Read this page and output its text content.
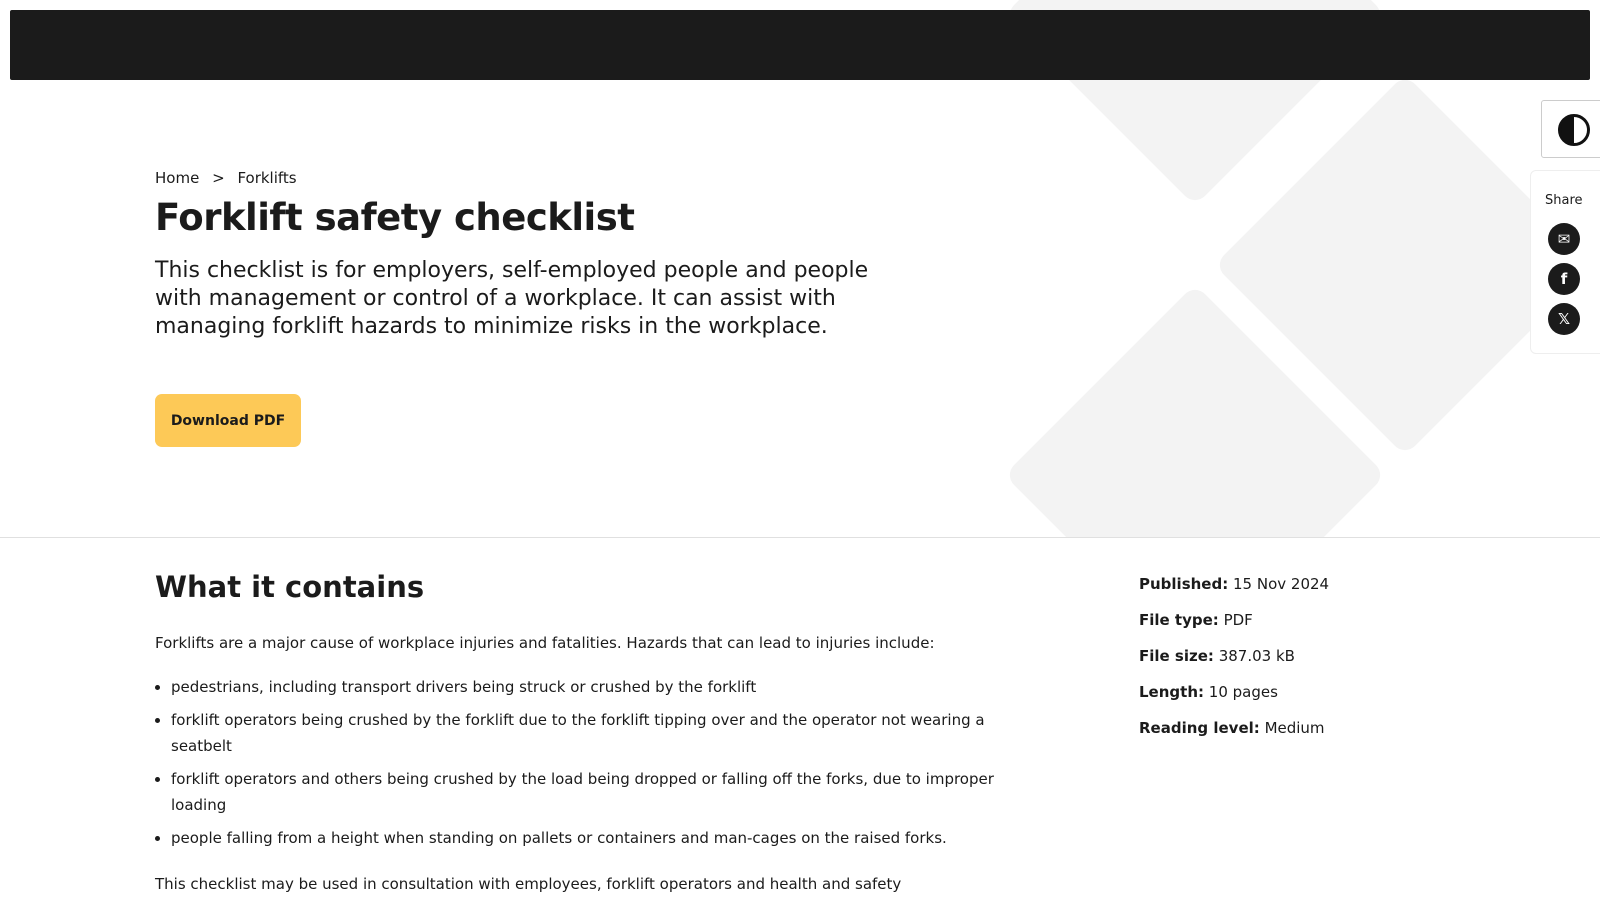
Home > Forklifts
Forklift safety checklist

This checklist is for employers, self-employed people and people with management or control of a workplace. It can assist with managing forklift hazards to minimize risks in the workplace.

Download PDF
Share
✉
f
𝕏
What it contains

Forklifts are a major cause of workplace injuries and fatalities. Hazards that can lead to injuries include:

• pedestrians, including transport drivers being struck or crushed by the forklift
• forklift operators being crushed by the forklift due to the forklift tipping over and the operator not wearing a seatbelt
• forklift operators and others being crushed by the load being dropped or falling off the forks, due to improper loading
• people falling from a height when standing on pallets or containers and man-cages on the raised forks.

This checklist may be used in consultation with employees, forklift operators and health and safety

Published: 15 Nov 2024
File type: PDF
File size: 387.03 kB
Length: 10 pages
Reading level: Medium
